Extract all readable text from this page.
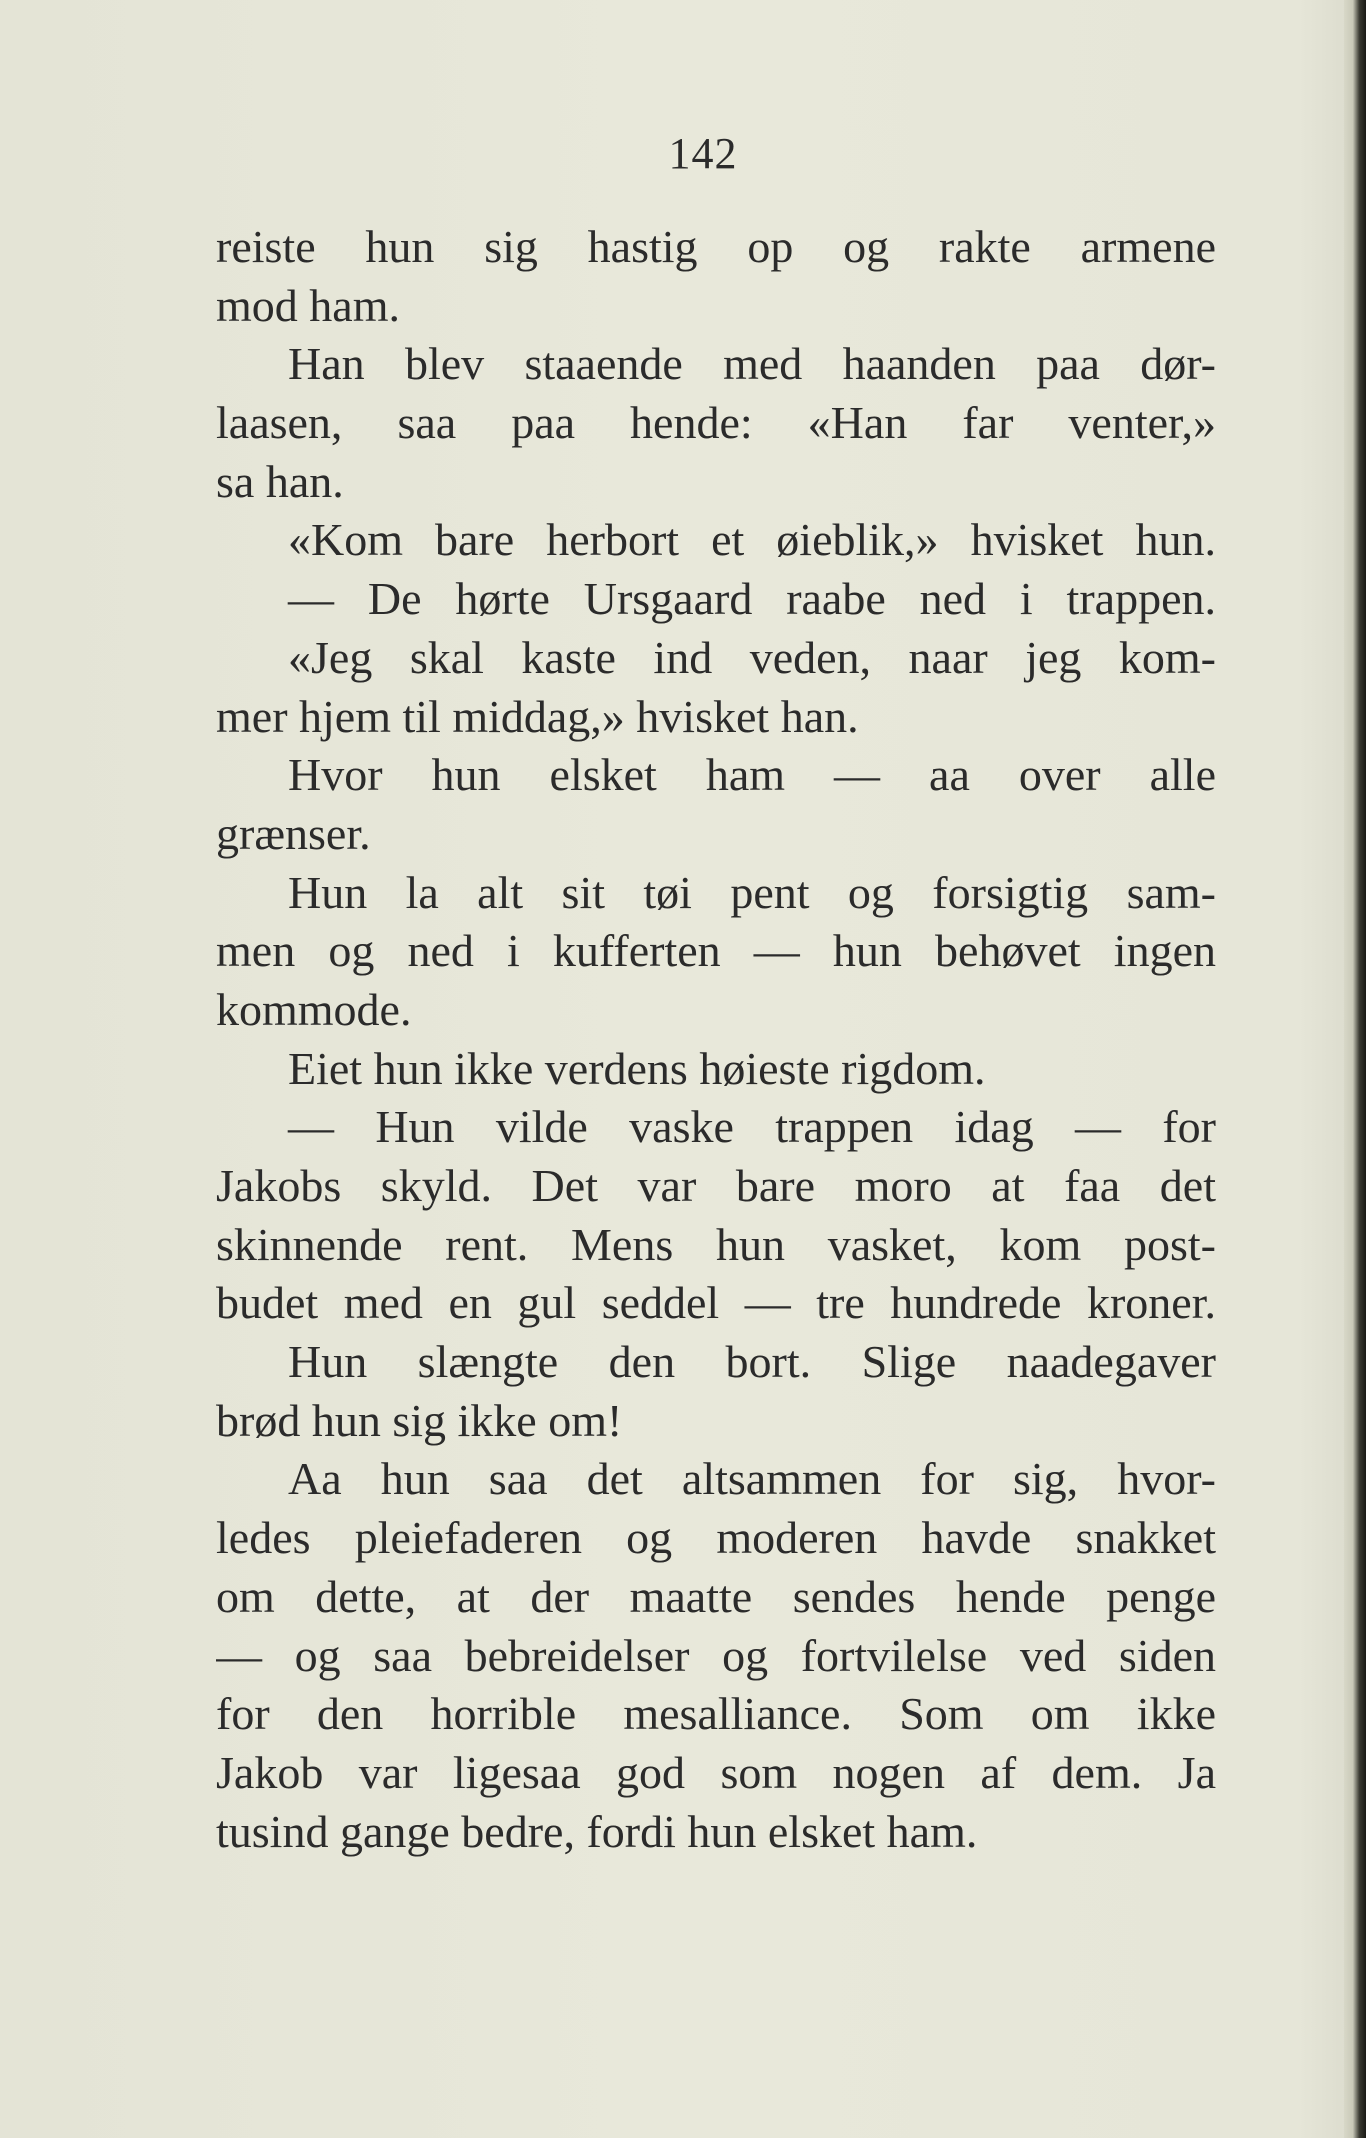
142
reiste hun sig hastig op og rakte armene
mod ham.
Han blev staaende med haanden paa dør-
laasen, saa paa hende: «Han far venter,»
sa han.
«Kom bare herbort et øieblik,» hvisket hun.
— De hørte Ursgaard raabe ned i trappen.
«Jeg skal kaste ind veden, naar jeg kom-
mer hjem til middag,» hvisket han.
Hvor hun elsket ham — aa over alle
grænser.
Hun la alt sit tøi pent og forsigtig sam-
men og ned i kufferten — hun behøvet ingen
kommode.
Eiet hun ikke verdens høieste rigdom.
— Hun vilde vaske trappen idag — for
Jakobs skyld. Det var bare moro at faa det
skinnende rent. Mens hun vasket, kom post-
budet med en gul seddel — tre hundrede kroner.
Hun slængte den bort. Slige naadegaver
brød hun sig ikke om!
Aa hun saa det altsammen for sig, hvor-
ledes pleiefaderen og moderen havde snakket
om dette, at der maatte sendes hende penge
— og saa bebreidelser og fortvilelse ved siden
for den horrible mesalliance. Som om ikke
Jakob var ligesaa god som nogen af dem. Ja
tusind gange bedre, fordi hun elsket ham.
